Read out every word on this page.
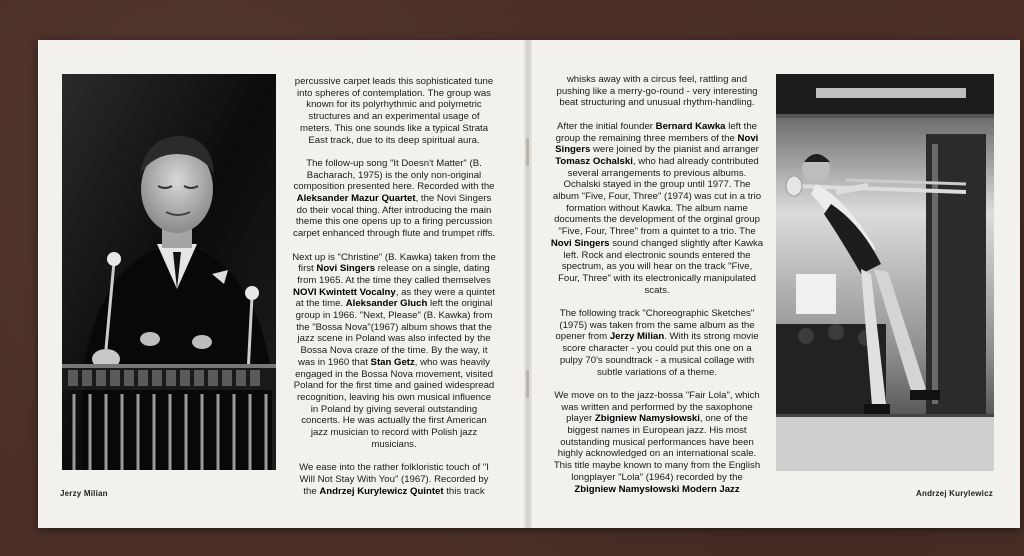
Jerzy Milian

percussive carpet leads this sophisticated tune into spheres of contemplation. The group was known for its polyrhythmic and polymetric structures and an experimental usage of meters. This one sounds like a typical Strata East track, due to its deep spiritual aura.

The follow-up song "It Doesn't Matter" (B. Bacharach, 1975) is the only non-original composition presented here. Recorded with the Aleksander Mazur Quartet, the Novi Singers do their vocal thing. After introducing the main theme this one opens up to a firing percussion carpet enhanced through flute and trumpet riffs.

Next up is "Christine" (B. Kawka) taken from the first Novi Singers release on a single, dating from 1965. At the time they called themselves NOVI Kwintett Vocalny, as they were a quintet at the time. Aleksander Gluch left the original group in 1966. "Next, Please" (B. Kawka) from the "Bossa Nova"(1967) album shows that the jazz scene in Poland was also infected by the Bossa Nova craze of the time. By the way, it was in 1960 that Stan Getz, who was heavily engaged in the Bossa Nova movement, visited Poland for the first time and gained widespread recognition, leaving his own musical influence in Poland by giving several outstanding concerts. He was actually the first American jazz musician to record with Polish jazz musicians.

We ease into the rather folkloristic touch of "I Will Not Stay With You" (1967). Recorded by the Andrzej Kurylewicz Quintet this track

whisks away with a circus feel, rattling and pushing like a merry-go-round - very interesting beat structuring and unusual rhythm-handling.

After the initial founder Bernard Kawka left the group the remaining three members of the Novi Singers were joined by the pianist and arranger Tomasz Ochalski, who had already contributed several arrangements to previous albums. Ochalski stayed in the group until 1977. The album "Five, Four, Three" (1974) was cut in a trio formation without Kawka. The album name documents the development of the orginal group "Five, Four, Three" from a quintet to a trio. The Novi Singers sound changed slightly after Kawka left. Rock and electronic sounds entered the spectrum, as you will hear on the track "Five, Four, Three" with its electronically manipulated scats.

The following track "Choreographic Sketches" (1975) was taken from the same album as the opener from Jerzy Milian. With its strong movie score character - you could put this one on a pulpy 70's soundtrack - a musical collage with subtle variations of a theme.

We move on to the jazz-bossa "Fair Lola", which was written and performed by the saxophone player Zbigniew Namysłowski, one of the biggest names in European jazz. His most outstanding musical performances have been highly acknowledged on an international scale. This title maybe known to many from the English longplayer "Lola" (1964) recorded by the Zbigniew Namysłowski Modern Jazz	Andrzej Kurylewicz
